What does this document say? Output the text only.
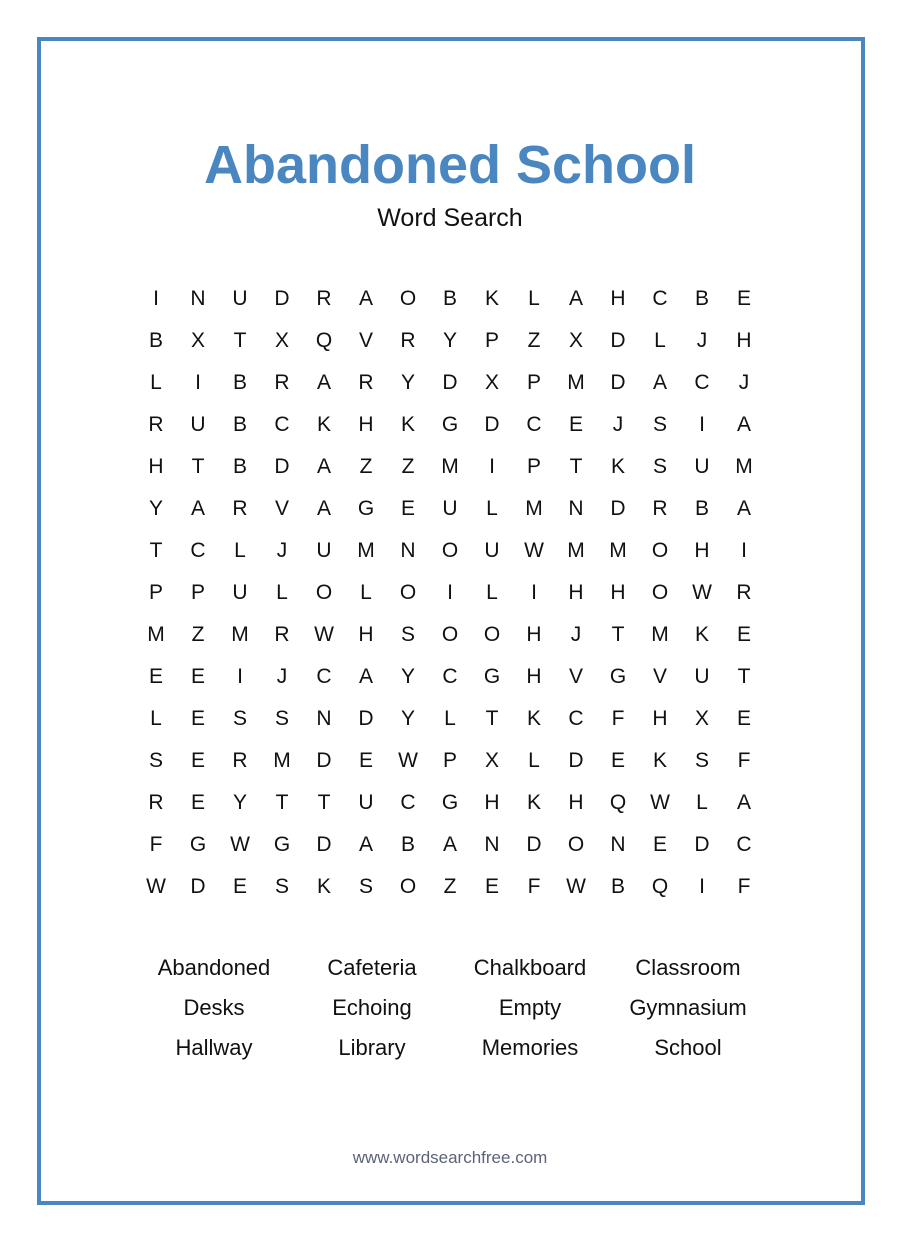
Abandoned School
Word Search
I	N	U	D	R	A	O	B	K	L	A	H	C	B	E
B	X	T	X	Q	V	R	Y	P	Z	X	D	L	J	H
L	I	B	R	A	R	Y	D	X	P	M	D	A	C	J
R	U	B	C	K	H	K	G	D	C	E	J	S	I	A
H	T	B	D	A	Z	Z	M	I	P	T	K	S	U	M
Y	A	R	V	A	G	E	U	L	M	N	D	R	B	A
T	C	L	J	U	M	N	O	U	W	M	M	O	H	I
P	P	U	L	O	L	O	I	L	I	H	H	O	W	R
M	Z	M	R	W	H	S	O	O	H	J	T	M	K	E
E	E	I	J	C	A	Y	C	G	H	V	G	V	U	T
L	E	S	S	N	D	Y	L	T	K	C	F	H	X	E
S	E	R	M	D	E	W	P	X	L	D	E	K	S	F
R	E	Y	T	T	U	C	G	H	K	H	Q	W	L	A
F	G	W	G	D	A	B	A	N	D	O	N	E	D	C
W	D	E	S	K	S	O	Z	E	F	W	B	Q	I	F
Abandoned	Cafeteria	Chalkboard	Classroom
Desks	Echoing	Empty	Gymnasium
Hallway	Library	Memories	School
www.wordsearchfree.com
